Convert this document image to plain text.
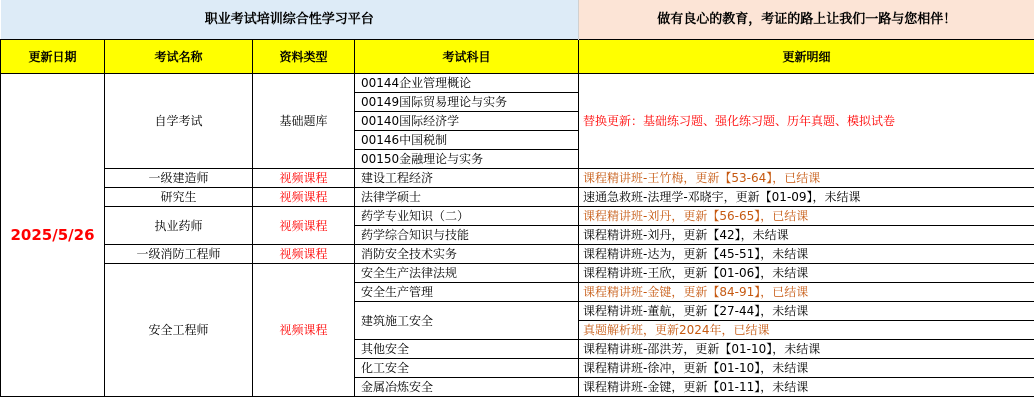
职业考试培训综合性学习平台				做有良心的教育，考证的路上让我们一路与您相伴！
更新日期	考试名称	资料类型	考试科目	更新明细
2025/5/26	自学考试	基础题库	00144企业管理概论	替换更新：基础练习题、强化练习题、历年真题、模拟试卷
			00149国际贸易理论与实务	
			00140国际经济学	
			00146中国税制	
			00150金融理论与实务	
	一级建造师	视频课程	建设工程经济	课程精讲班-王竹梅，更新【53-64】，已结课
	研究生	视频课程	法律学硕士	速通急救班-法理学-邓晓宇，更新【01-09】，未结课
	执业药师	视频课程	药学专业知识（二）	课程精讲班-刘丹，更新【56-65】，已结课
			药学综合知识与技能	课程精讲班-刘丹，更新【42】，未结课
	一级消防工程师	视频课程	消防安全技术实务	课程精讲班-达为，更新【45-51】，未结课
	安全工程师	视频课程	安全生产法律法规	课程精讲班-王欣，更新【01-06】，未结课
			安全生产管理	课程精讲班-金键，更新【84-91】，已结课
			建筑施工安全	课程精讲班-董航，更新【27-44】，未结课
				真题解析班，更新2024年，已结课
			其他安全	课程精讲班-邵洪芳，更新【01-10】，未结课
			化工安全	课程精讲班-徐冲，更新【01-10】，未结课
			金属冶炼安全	课程精讲班-金键，更新【01-11】，未结课
